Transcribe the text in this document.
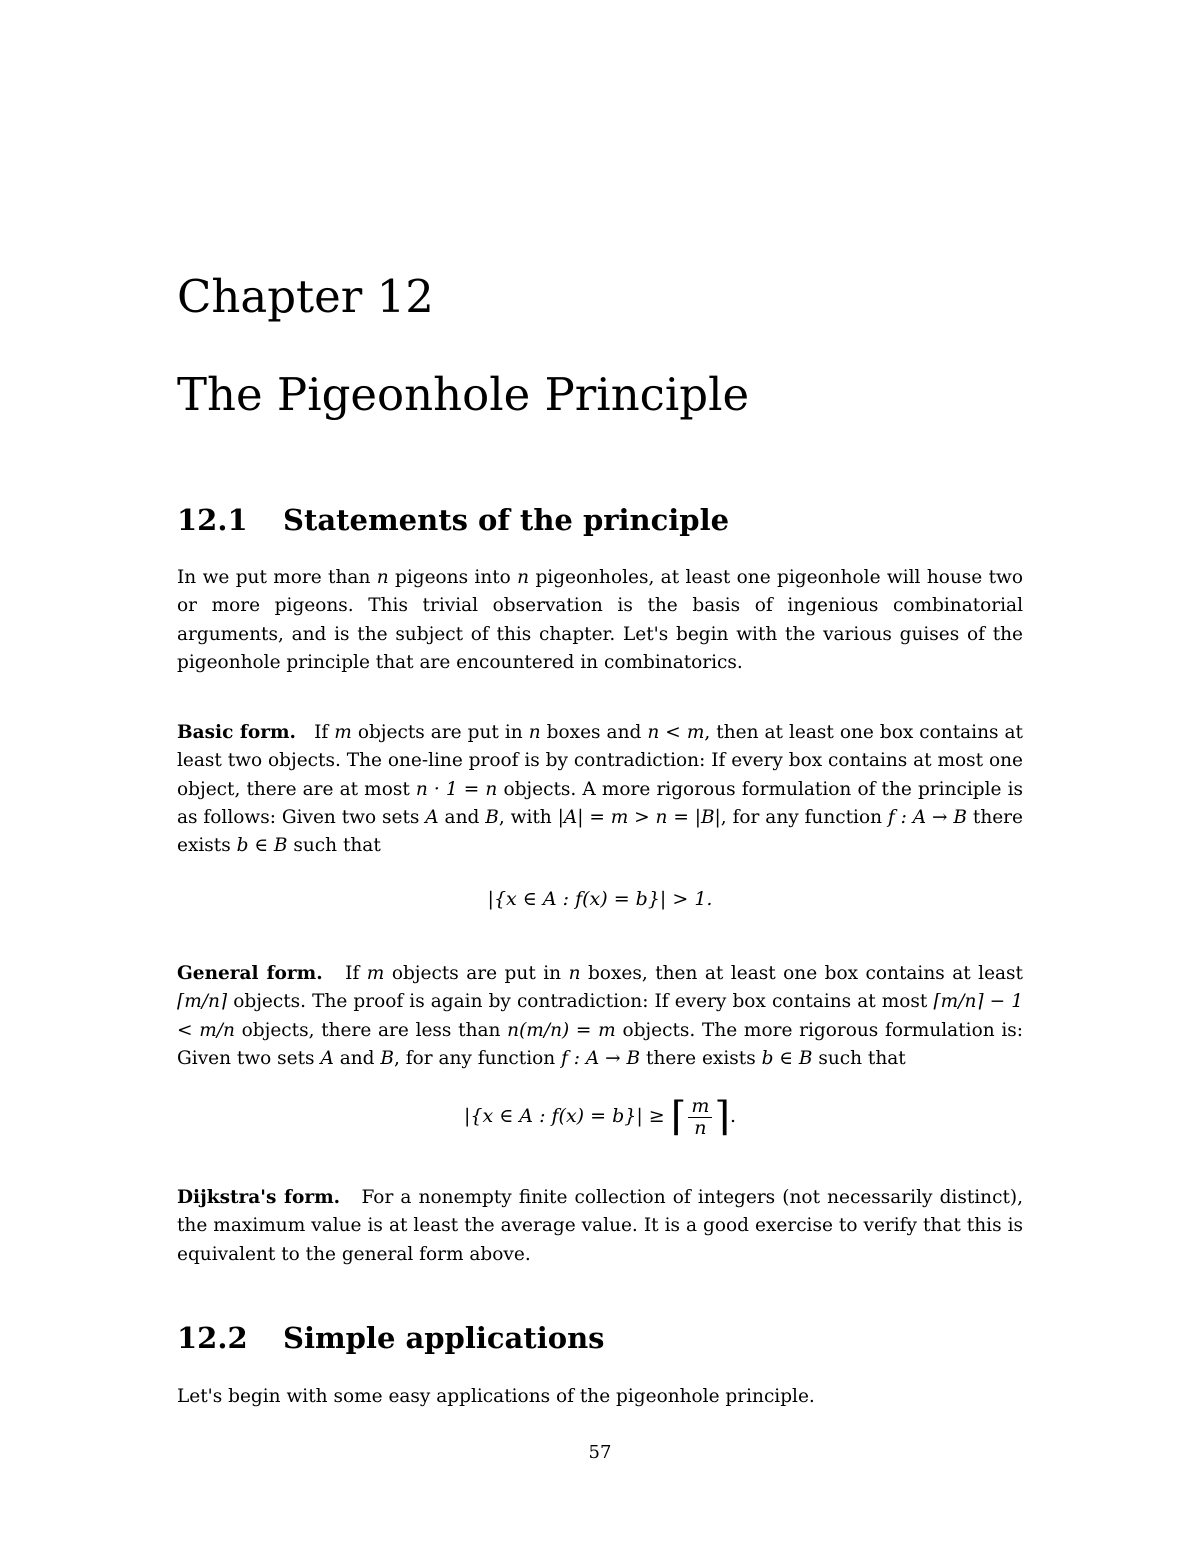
Chapter 12
The Pigeonhole Principle
12.1 Statements of the principle
In we put more than n pigeons into n pigeonholes, at least one pigeonhole will house two or more pigeons. This trivial observation is the basis of ingenious combinatorial arguments, and is the subject of this chapter. Let's begin with the various guises of the pigeonhole principle that are encountered in combinatorics.
Basic form. If m objects are put in n boxes and n < m, then at least one box contains at least two objects. The one-line proof is by contradiction: If every box contains at most one object, there are at most n · 1 = n objects. A more rigorous formulation of the principle is as follows: Given two sets A and B, with |A| = m > n = |B|, for any function f : A → B there exists b ∈ B such that
|{x ∈ A : f(x) = b}| > 1.
General form. If m objects are put in n boxes, then at least one box contains at least ⌈m/n⌉ objects. The proof is again by contradiction: If every box contains at most ⌈m/n⌉ − 1 < m/n objects, there are less than n(m/n) = m objects. The more rigorous formulation is: Given two sets A and B, for any function f : A → B there exists b ∈ B such that
|{x ∈ A : f(x) = b}| ≥ ⌈ $\frac{m}{n}$ ⌉.
Dijkstra's form. For a nonempty finite collection of integers (not necessarily distinct), the maximum value is at least the average value. It is a good exercise to verify that this is equivalent to the general form above.
12.2 Simple applications
Let's begin with some easy applications of the pigeonhole principle.
57
